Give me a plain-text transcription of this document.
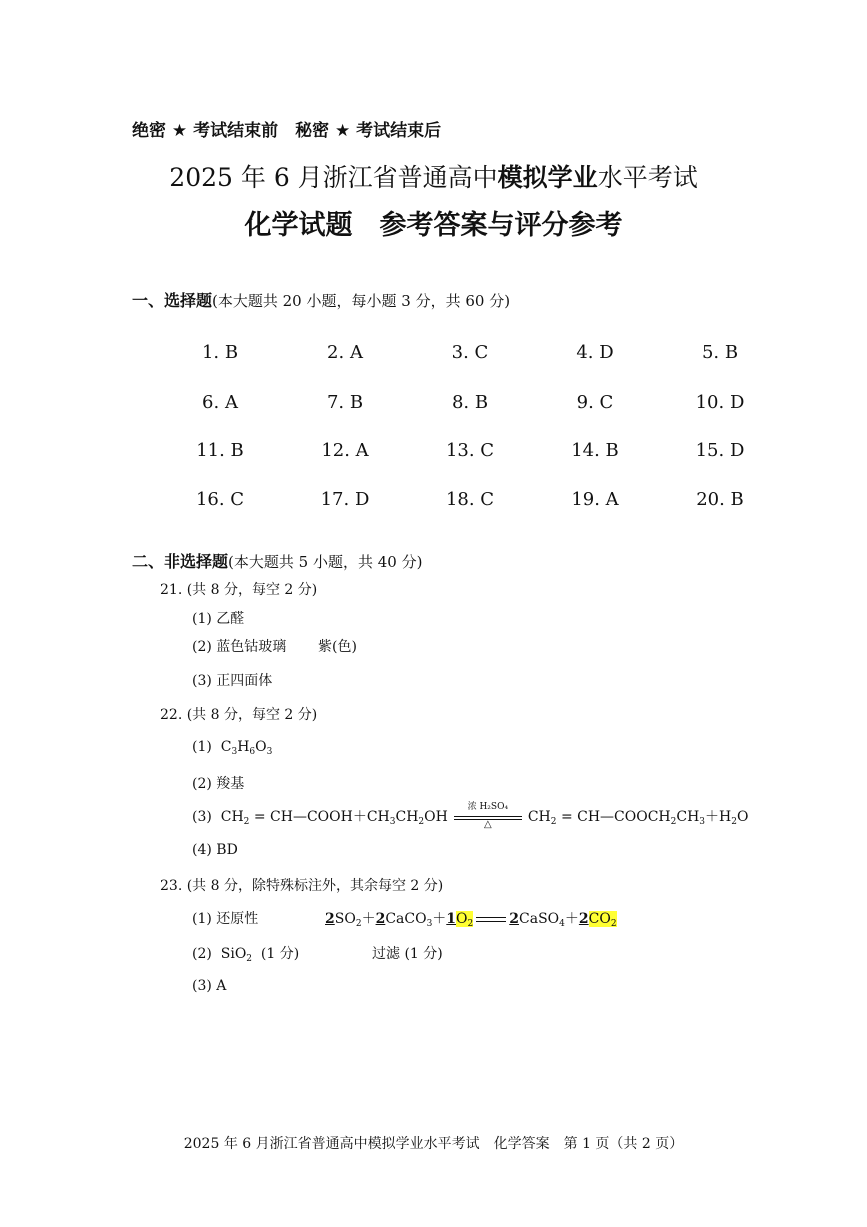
绝密 ★ 考试结束前　秘密 ★ 考试结束后
2025 年 6 月浙江省普通高中模拟学业水平考试
化学试题　参考答案与评分参考
一、选择题(本大题共 20 小题，每小题 3 分，共 60 分)
1. B	2. A	3. C	4. D	5. B
6. A	7. B	8. B	9. C	10. D
11. B	12. A	13. C	14. B	15. D
16. C	17. D	18. C	19. A	20. B
二、非选择题(本大题共 5 小题，共 40 分)
21. (共 8 分，每空 2 分)
(1) 乙醛
(2) 蓝色钴玻璃 紫(色)
(3) 正四面体
22. (共 8 分，每空 2 分)
(1)  $C_3H_6O_3$
(2) 羧基
(3)  $CH_2$ = $CH—COOH+CH_3CH_2OH$
浓 H₂SO₄
△	$CH_2$ = $CH—COOCH_2CH_3+H_2O$
(4) BD
23. (共 8 分，除特殊标注外，其余每空 2 分)
(1) 还原性	$2SO_2+2CaCO_3+1O_2$	$2CaSO_4+2CO_2$
(2)  SiO$_2$  (1 分)	过滤 (1 分)
(3) A
2025 年 6 月浙江省普通高中模拟学业水平考试　化学答案　第 1 页（共 2 页）
